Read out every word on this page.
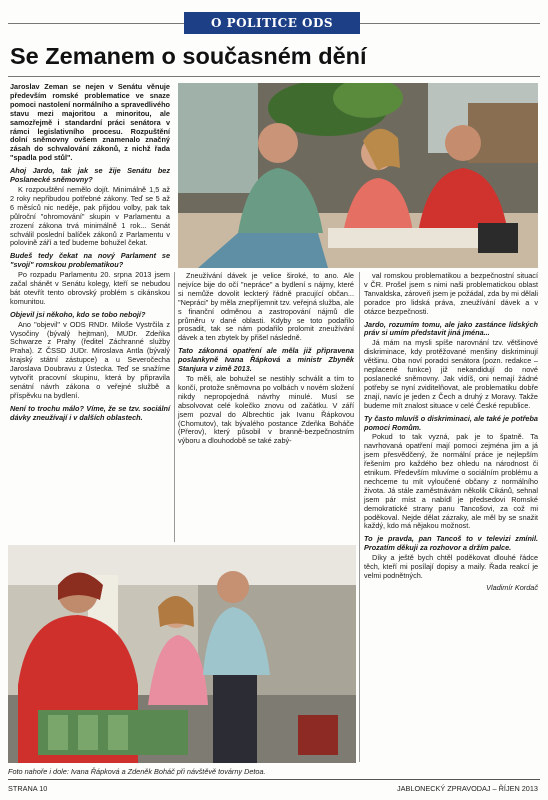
O POLITICE ODS
Se Zemanem o současném dění

Jaroslav Zeman se nejen v Senátu věnuje především romské problematice ve snaze pomoci nastolení normálního a spravedlivého stavu mezi majoritou a minoritou, ale samozřejmě i standardní práci senátora v rámci legislativního procesu. Rozpuštění dolní sněmovny ovšem znamenalo značný zásah do schvalování zákonů, z nichž řada "spadla pod stůl".

Ahoj Jardo, tak jak se žije Senátu bez Poslanecké sněmovny?

K rozpouštění nemělo dojít. Minimálně 1,5 až 2 roky nepřibudou potřebné zákony. Teď se 5 až 6 měsíců nic neděje, pak přijdou volby, pak tak půlroční "ohromování" skupin v Parlamentu a zrození zákona trvá minimálně 1 rok... Senát schválil poslední balíček zákonů z Parlamentu v polovině září a teď budeme bohužel čekat.

Budeš tedy čekat na nový Parlament se "svojí" romskou problematikou?

Po rozpadu Parlamentu 20. srpna 2013 jsem začal shánět v Senátu kolegy, kteří se nebudou bát otevřít tento obrovský problém s cikánskou komunitou.

Objevil jsi někoho, kdo se tobo nebojí?

Ano "objevil" v ODS RNDr. Miloše Vystrčila z Vysočiny (bývalý hejtman), MUDr. Zdeňka Schwarze z Prahy (ředitel Záchranné služby Praha). Z ČSSD JUDr. Miroslava Antla (bývalý krajský státní zástupce) a u Severočecha Jaroslava Doubravu z Ústecka. Teď se snažíme vytvořit pracovní skupinu, která by připravila senátní návrh zákona o veřejné službě a příspěvku na bydlení.

Není to trochu málo? Víme, že se tzv. sociální dávky zneužívají i v dalších oblastech.

Zneužívání dávek je velice široké, to ano. Ale nejvíce bije do očí "nepráce" a bydlení s nájmy, které si nemůže dovolit leckterý řádně pracující občan... "Nepráci" by měla znepříjemnit tzv. veřejná služba, ale s finanční odměnou a zastropování nájmů dle průměru v dané oblasti. Kdyby se toto podařilo prosadit, tak se nám podařilo prolomit zneužívání dávek a ten zbytek by přišel následně.

Tato zákonná opatření ale měla již připravena poslankyně Ivana Řápková a ministr Zbyněk Stanjura v zimě 2013.

To měli, ale bohužel se nestihly schválit a tím to končí, protože sněmovna po volbách v novém složení nikdy nepropojedná návrhy minulé. Musí se absolvovat celé kolečko znovu od začátku. V září jsem pozval do Albrechtic jak Ivanu Řápkovou (Chomutov), tak bývalého postance Zdeňka Boháče (Přerov), který působil v branně-bezpečnostním výboru a dlouhodobě se také zabý-

val romskou problematikou a bezpečnostní situací v ČR. Prošel jsem s nimi naši problematickou oblast Tanvaldska, zároveň jsem je požádal, zda by mi dělali poradce pro lidská práva, zneužívání dávek a v otázce bezpečnosti.

Jardo, rozumím tomu, ale jako zastánce lidských práv si umím představit jiná jména...

Já mám na mysli spíše narovnání tzv. většinové diskriminace, kdy protěžované menšiny diskriminují většinu. Oba noví poradci senátora (pozn. redakce – neplacené funkce) již nekandidují do nové poslanecké sněmovny. Jak vidíš, oni nemají žádné potřeby se nyní zviditelňovat, ale problematiku dobře znají, navíc je jeden z Čech a druhý z Moravy. Takže budeme mít znalost situace v celé České republice.

Ty často mluvíš o diskriminaci, ale také je potřeba pomoci Romům.

Pokud to tak vyzná, pak je to špatně. Ta navrhovaná opatření mají pomoci zejména jim a já jsem přesvědčený, že normální práce je nejlepším řešením pro každého bez ohledu na národnost či etnikum. Především mluvíme o sociálním problému a nechceme tu mít vyloučené občany z normálního života. Já stále zaměstnávám několik Cikánů, sehnal jsem pár míst a nabídl je předsedovi Romské demokratické strany panu Tancošovi, za což mi poděkoval. Nejde dělat zázraky, ale měl by se snažit každý, kdo má nějakou možnost.

To je pravda, pan Tancoš to v televizi zmínil. Prozatím děkuji za rozhovor a držím palce.

Díky a ještě bych chtěl poděkovat dlouhé řádce těch, kteří mi posílají dopisy a maily. Řada reakcí je velmi podnětných.

Vladimír Kordač

Foto nahoře i dole: Ivana Řápková a Zdeněk Boháč při návštěvě továrny Detoa.
STRANA 10	JABLONECKÝ ZPRAVODAJ – ŘÍJEN 2013
